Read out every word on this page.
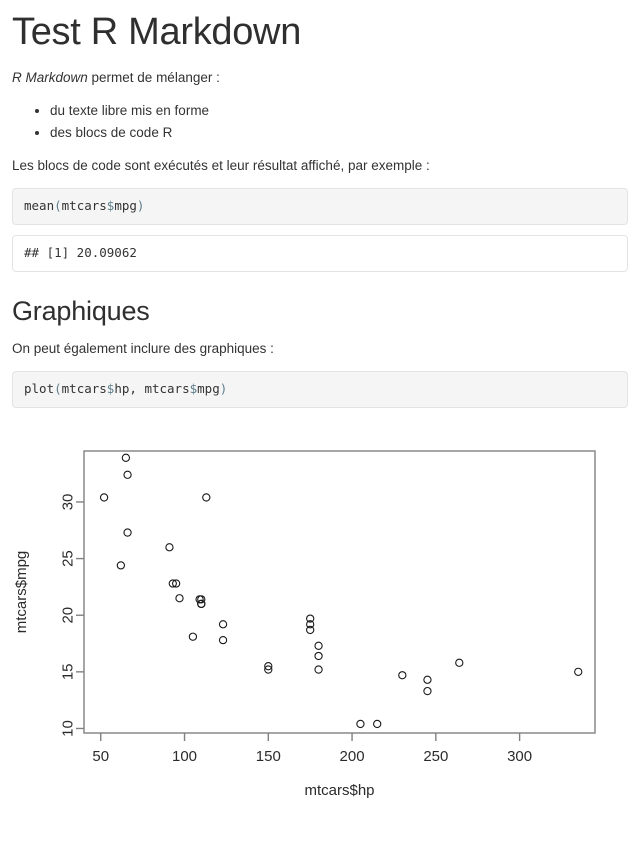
Test R Markdown

R Markdown permet de mélanger :

• du texte libre mis en forme
• des blocs de code R

Les blocs de code sont exécutés et leur résultat affiché, par exemple :

mean(mtcars$mpg)
## [1] 20.09062
Graphiques

On peut également inclure des graphiques :

plot(mtcars$hp, mtcars$mpg)
50	100	150	200	250	300
10
15
20
25
30
mtcars$hp
mtcars$mpg
